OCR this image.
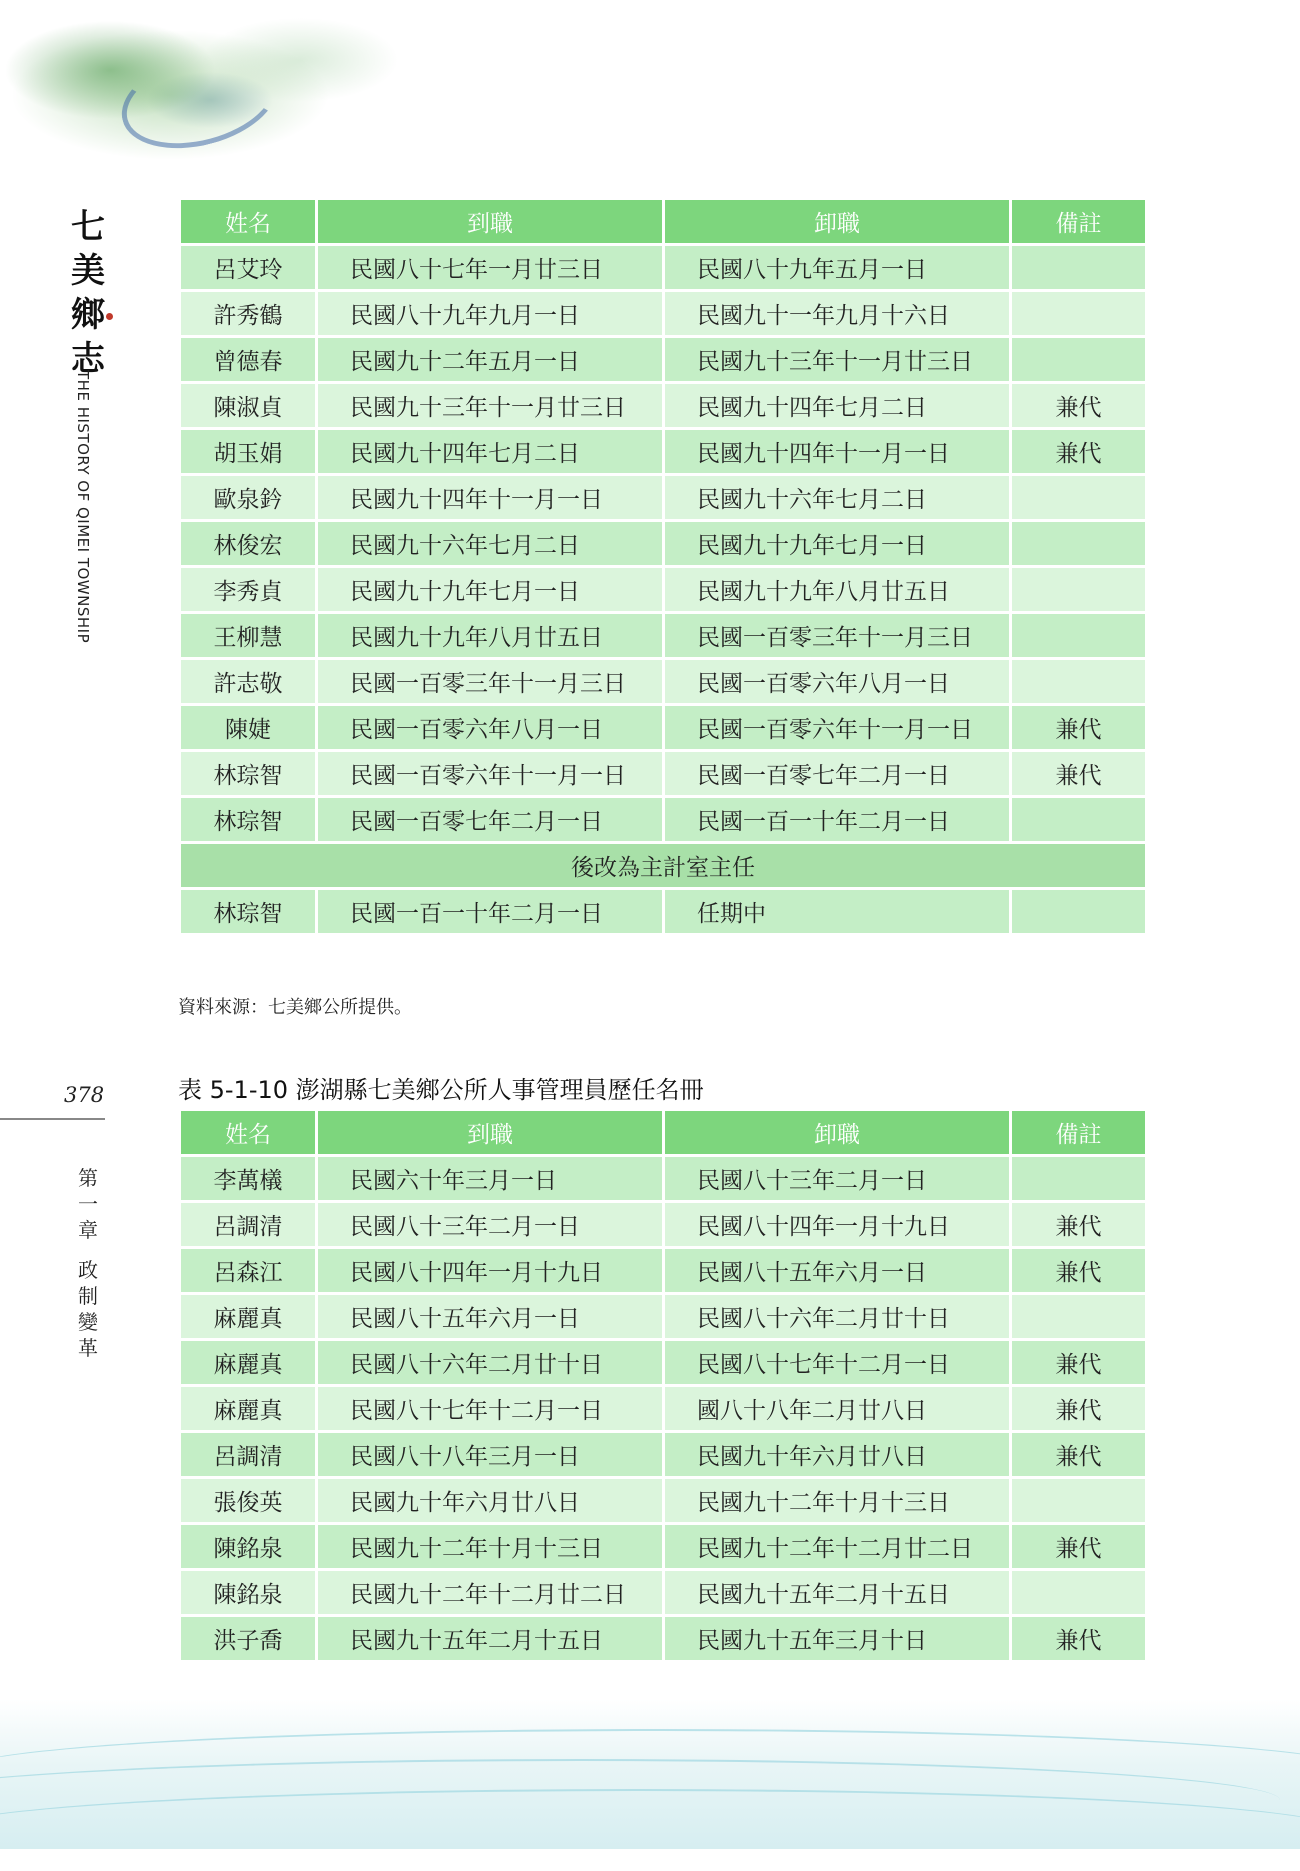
七
美
鄉
志
THE HISTORY OF QIMEI TOWNSHIP
378
第
一
章
政
制
變
革
姓名	到職	卸職	備註
呂艾玲	民國八十七年一月廿三日	民國八十九年五月一日	
許秀鶴	民國八十九年九月一日	民國九十一年九月十六日	
曾德春	民國九十二年五月一日	民國九十三年十一月廿三日	
陳淑貞	民國九十三年十一月廿三日	民國九十四年七月二日	兼代
胡玉娟	民國九十四年七月二日	民國九十四年十一月一日	兼代
歐泉鈐	民國九十四年十一月一日	民國九十六年七月二日	
林俊宏	民國九十六年七月二日	民國九十九年七月一日	
李秀貞	民國九十九年七月一日	民國九十九年八月廿五日	
王柳慧	民國九十九年八月廿五日	民國一百零三年十一月三日	
許志敬	民國一百零三年十一月三日	民國一百零六年八月一日	
陳婕	民國一百零六年八月一日	民國一百零六年十一月一日	兼代
林琮智	民國一百零六年十一月一日	民國一百零七年二月一日	兼代
林琮智	民國一百零七年二月一日	民國一百一十年二月一日	
後改為主計室主任			
林琮智	民國一百一十年二月一日	任期中	
資料來源：七美鄉公所提供。
表 5-1-10 澎湖縣七美鄉公所人事管理員歷任名冊
姓名	到職	卸職	備註
李萬檥	民國六十年三月一日	民國八十三年二月一日	
呂調清	民國八十三年二月一日	民國八十四年一月十九日	兼代
呂森江	民國八十四年一月十九日	民國八十五年六月一日	兼代
麻麗真	民國八十五年六月一日	民國八十六年二月廿十日	
麻麗真	民國八十六年二月廿十日	民國八十七年十二月一日	兼代
麻麗真	民國八十七年十二月一日	國八十八年二月廿八日	兼代
呂調清	民國八十八年三月一日	民國九十年六月廿八日	兼代
張俊英	民國九十年六月廿八日	民國九十二年十月十三日	
陳銘泉	民國九十二年十月十三日	民國九十二年十二月廿二日	兼代
陳銘泉	民國九十二年十二月廿二日	民國九十五年二月十五日	
洪子喬	民國九十五年二月十五日	民國九十五年三月十日	兼代
